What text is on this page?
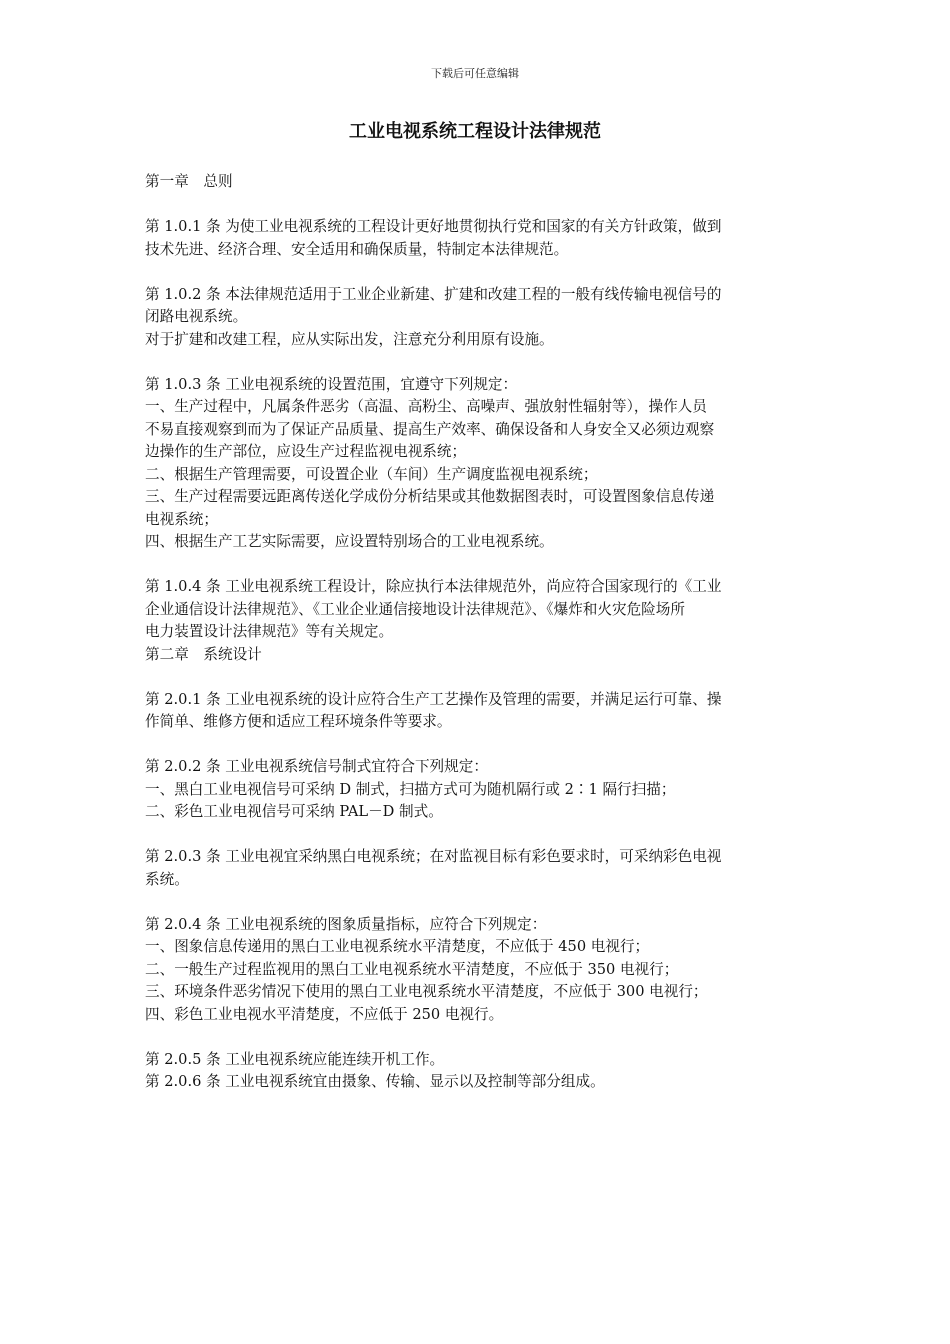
下载后可任意编辑
工业电视系统工程设计法律规范
第一章　总则
第 1.0.1 条 为使工业电视系统的工程设计更好地贯彻执行党和国家的有关方针政策，做到
技术先进、经济合理、安全适用和确保质量，特制定本法律规范。
第 1.0.2 条 本法律规范适用于工业企业新建、扩建和改建工程的一般有线传输电视信号的
闭路电视系统。
对于扩建和改建工程，应从实际出发，注意充分利用原有设施。
第 1.0.3 条 工业电视系统的设置范围，宜遵守下列规定：
一、生产过程中，凡属条件恶劣（高温、高粉尘、高噪声、强放射性辐射等），操作人员
不易直接观察到而为了保证产品质量、提高生产效率、确保设备和人身安全又必须边观察
边操作的生产部位，应设生产过程监视电视系统；
二、根据生产管理需要，可设置企业（车间）生产调度监视电视系统；
三、生产过程需要远距离传送化学成份分析结果或其他数据图表时，可设置图象信息传递
电视系统；
四、根据生产工艺实际需要，应设置特别场合的工业电视系统。
第 1.0.4 条 工业电视系统工程设计，除应执行本法律规范外，尚应符合国家现行的《工业
企业通信设计法律规范》、《工业企业通信接地设计法律规范》、《爆炸和火灾危险场所
电力装置设计法律规范》等有关规定。
第二章　系统设计
第 2.0.1 条 工业电视系统的设计应符合生产工艺操作及管理的需要，并满足运行可靠、操
作简单、维修方便和适应工程环境条件等要求。
第 2.0.2 条 工业电视系统信号制式宜符合下列规定：
一、黑白工业电视信号可采纳 D 制式，扫描方式可为随机隔行或 2∶1 隔行扫描；
二、彩色工业电视信号可采纳 PAL－D 制式。
第 2.0.3 条 工业电视宜采纳黑白电视系统；在对监视目标有彩色要求时，可采纳彩色电视
系统。
第 2.0.4 条 工业电视系统的图象质量指标，应符合下列规定：
一、图象信息传递用的黑白工业电视系统水平清楚度，不应低于 450 电视行；
二、一般生产过程监视用的黑白工业电视系统水平清楚度，不应低于 350 电视行；
三、环境条件恶劣情况下使用的黑白工业电视系统水平清楚度，不应低于 300 电视行；
四、彩色工业电视水平清楚度，不应低于 250 电视行。
第 2.0.5 条 工业电视系统应能连续开机工作。
第 2.0.6 条 工业电视系统宜由摄象、传输、显示以及控制等部分组成。
